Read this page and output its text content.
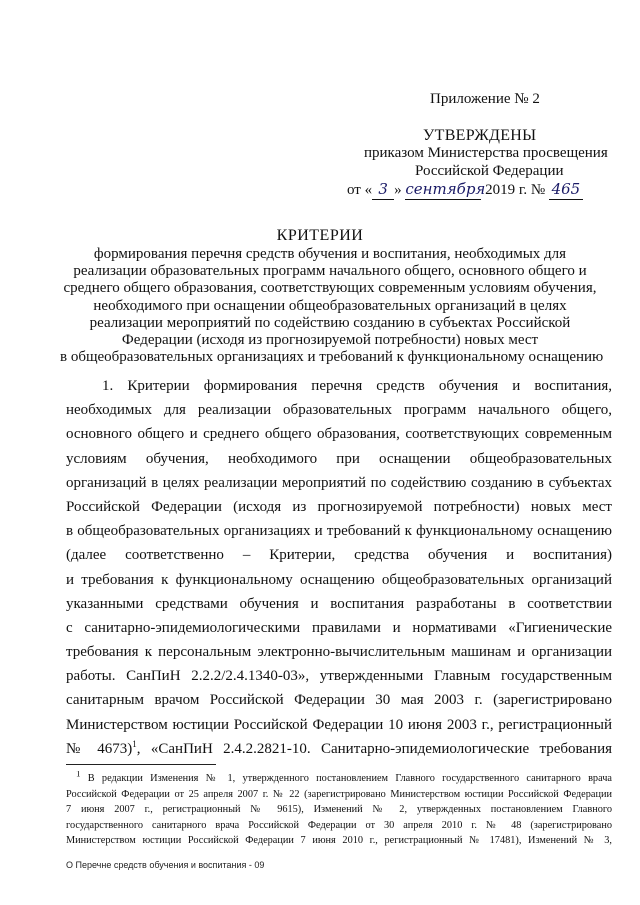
Приложение № 2
УТВЕРЖДЕНЫ
приказом Министерства просвещения
Российской Федерации
от « 3 » сентября 2019 г. № 465
КРИТЕРИИ
формирования перечня средств обучения и воспитания, необходимых для
реализации образовательных программ начального общего, основного общего и
среднего общего образования, соответствующих современным условиям обучения,
необходимого при оснащении общеобразовательных организаций в целях
реализации мероприятий по содействию созданию в субъектах Российской
Федерации (исходя из прогнозируемой потребности) новых мест
в общеобразовательных организациях и требований к функциональному оснащению
1. Критерии формирования перечня средств обучения и воспитания,
необходимых для реализации образовательных программ начального общего,
основного общего и среднего общего образования, соответствующих современным
условиям обучения, необходимого при оснащении общеобразовательных
организаций в целях реализации мероприятий по содействию созданию в субъектах
Российской Федерации (исходя из прогнозируемой потребности) новых мест
в общеобразовательных организациях и требований к функциональному оснащению
(далее соответственно – Критерии, средства обучения и воспитания)
и требования к функциональному оснащению общеобразовательных организаций
указанными средствами обучения и воспитания разработаны в соответствии
с санитарно-эпидемиологическими правилами и нормативами «Гигиенические
требования к персональным электронно-вычислительным машинам и организации
работы. СанПиН 2.2.2/2.4.1340-03», утвержденными Главным государственным
санитарным врачом Российской Федерации 30 мая 2003 г. (зарегистрировано
Министерством юстиции Российской Федерации 10 июня 2003 г., регистрационный
№ 4673)$^1$, «СанПиН 2.4.2.2821-10. Санитарно-эпидемиологические требования
$^1$ В редакции Изменения № 1, утвержденного постановлением Главного государственного санитарного врача
Российской Федерации от 25 апреля 2007 г. № 22 (зарегистрировано Министерством юстиции Российской Федерации
7 июня 2007 г., регистрационный № 9615), Изменений № 2, утвержденных постановлением Главного
государственного санитарного врача Российской Федерации от 30 апреля 2010 г. № 48 (зарегистрировано
Министерством юстиции Российской Федерации 7 июня 2010 г., регистрационный № 17481), Изменений № 3,
О Перечне средств обучения и воспитания - 09
